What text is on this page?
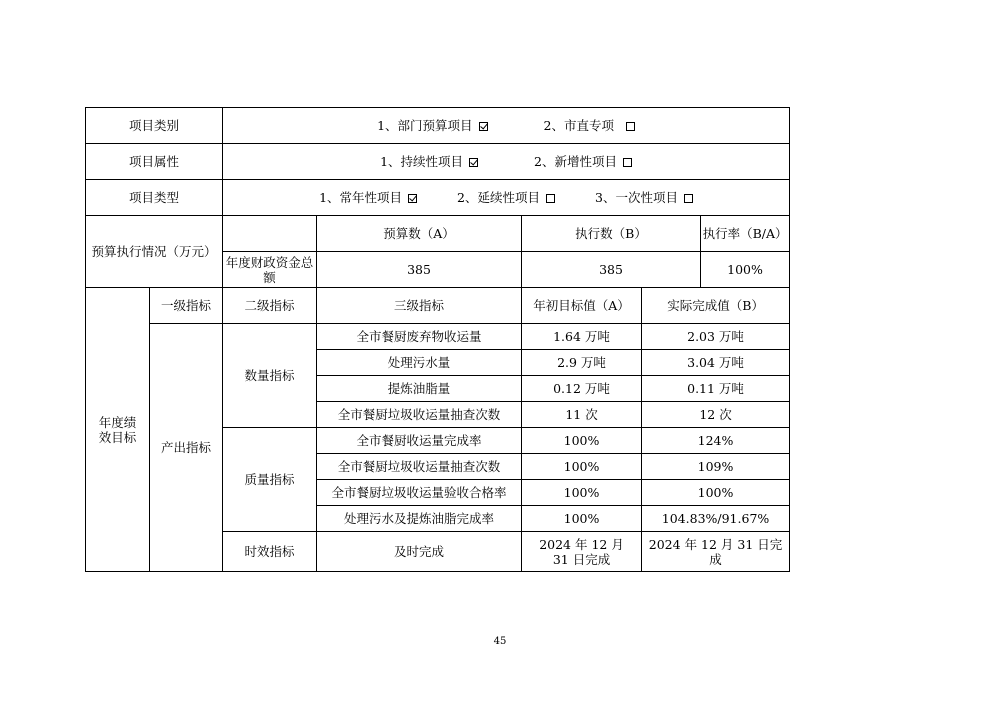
项目类别		1、部门预算项目 2、市直专项			
项目属性		1、持续性项目 2、新增性项目			
项目类型		1、常年性项目 2、延续性项目 3、一次性项目			
预算执行情况（万元）			预算数（A）	执行数（B） 执行率（B/A）	

		年度财政资金总额	385	385 100%	

年度绩效目标	一级指标	二级指标	三级指标	年初目标值（A）	实际完成值（B）
	产出指标	数量指标	全市餐厨废弃物收运量	1.64 万吨	2.03 万吨
			处理污水量	2.9 万吨	3.04 万吨
			提炼油脂量	0.12 万吨	0.11 万吨
			全市餐厨垃圾收运量抽查次数	11 次	12 次
		质量指标	全市餐厨收运量完成率	100%	124%
			全市餐厨垃圾收运量抽查次数	100%	109%
			全市餐厨垃圾收运量验收合格率	100%	100%
			处理污水及提炼油脂完成率	100%	104.83%/91.67%
		时效指标	及时完成	2024 年 12 月 31 日完成	2024 年 12 月 31 日完成
45
